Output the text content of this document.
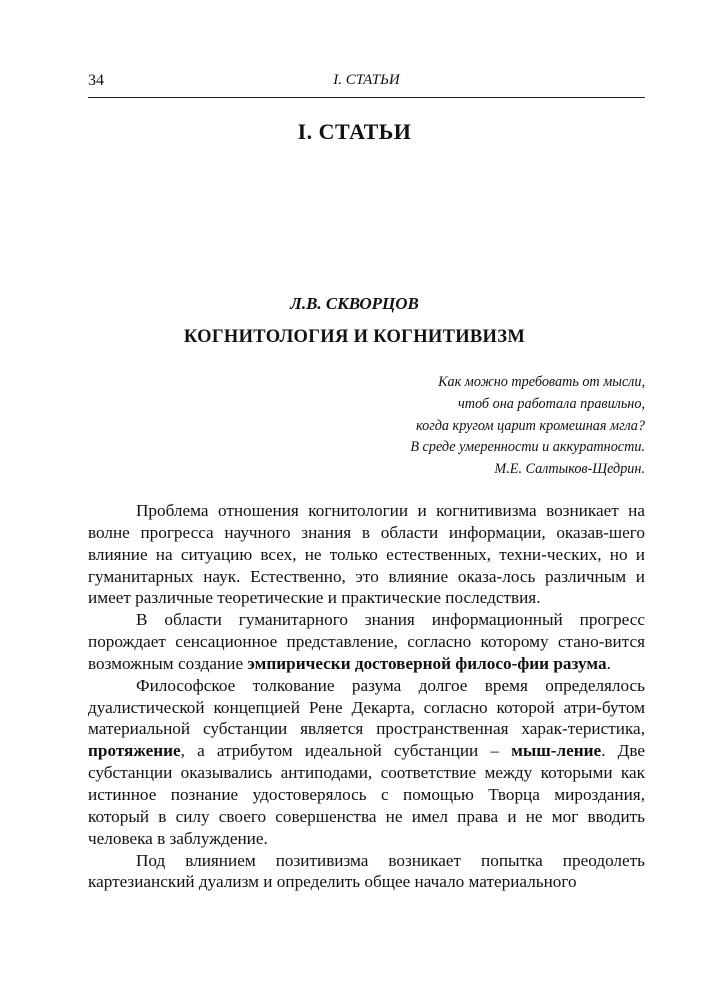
34	I. СТАТЬИ
I. СТАТЬИ
Л.В. СКВОРЦОВ
КОГНИТОЛОГИЯ И КОГНИТИВИЗМ
Как можно требовать от мысли,
чтоб она работала правильно,
когда кругом царит кромешная мгла?
В среде умеренности и аккуратности.
М.Е. Салтыков-Щедрин.

Проблема отношения когнитологии и когнитивизма возникает на волне прогресса научного знания в области информации, оказав-шего влияние на ситуацию всех, не только естественных, техни-ческих, но и гуманитарных наук. Естественно, это влияние оказа-лось различным и имеет различные теоретические и практические последствия.

В области гуманитарного знания информационный прогресс порождает сенсационное представление, согласно которому стано-вится возможным создание эмпирически достоверной филосо-фии разума.

Философское толкование разума долгое время определялось дуалистической концепцией Рене Декарта, согласно которой атри-бутом материальной субстанции является пространственная харак-теристика, протяжение, а атрибутом идеальной субстанции – мыш-ление. Две субстанции оказывались антиподами, соответствие между которыми как истинное познание удостоверялось с помощью Творца мироздания, который в силу своего совершенства не имел права и не мог вводить человека в заблуждение.

Под влиянием позитивизма возникает попытка преодолеть картезианский дуализм и определить общее начало материального
